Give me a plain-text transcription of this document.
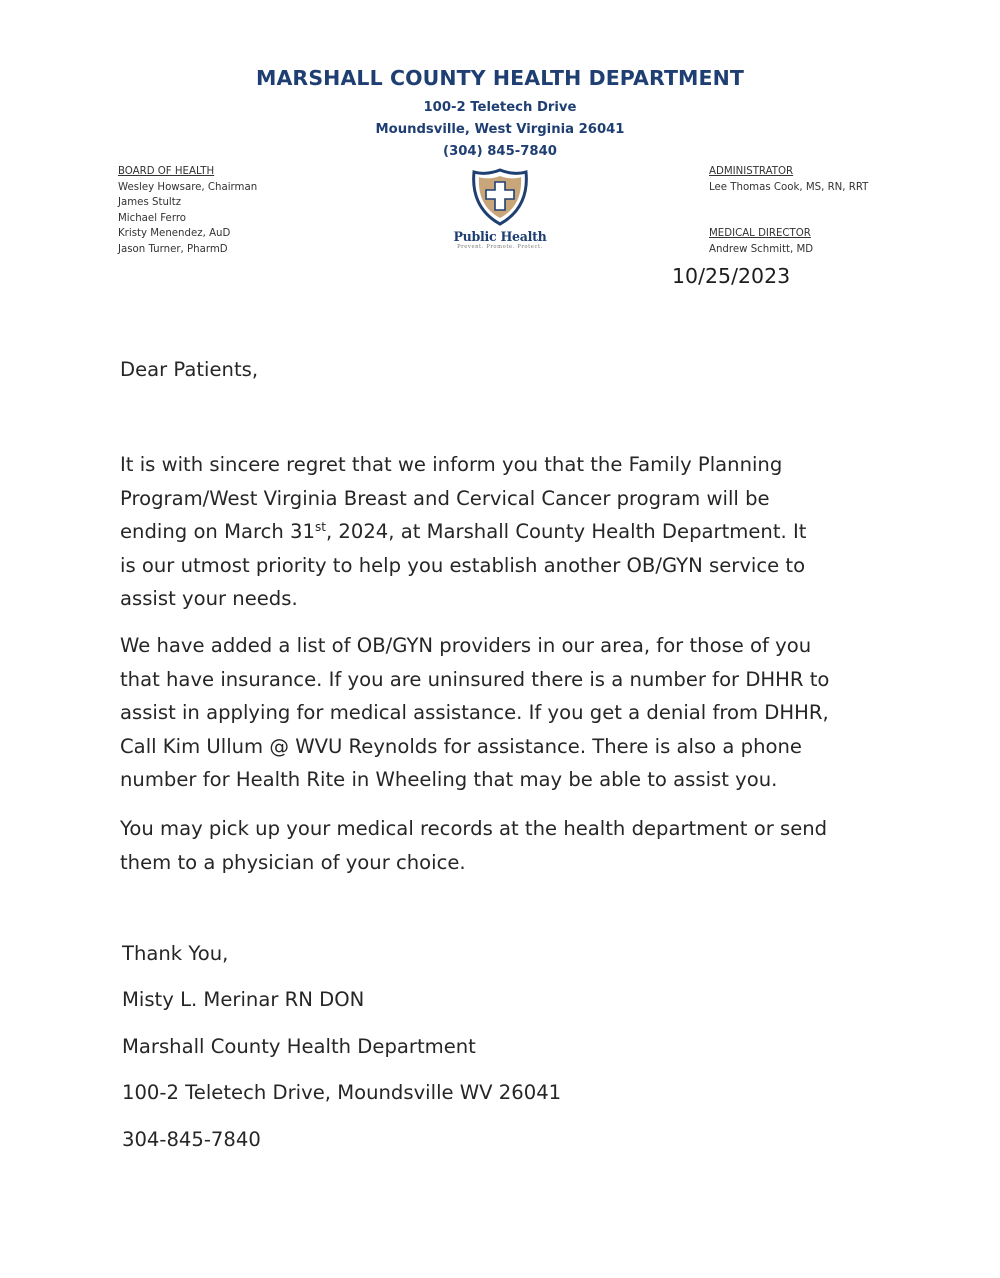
MARSHALL COUNTY HEALTH DEPARTMENT
100-2 Teletech Drive
Moundsville, West Virginia 26041
(304) 845-7840
BOARD OF HEALTH
Wesley Howsare, Chairman
James Stultz
Michael Ferro
Kristy Menendez, AuD
Jason Turner, PharmD
Public Health
Prevent. Promote. Protect.
ADMINISTRATOR
Lee Thomas Cook, MS, RN, RRT
MEDICAL DIRECTOR
Andrew Schmitt, MD
10/25/2023
Dear Patients,

It is with sincere regret that we inform you that the Family Planning
Program/West Virginia Breast and Cervical Cancer program will be
ending on March 31st, 2024, at Marshall County Health Department. It
is our utmost priority to help you establish another OB/GYN service to
assist your needs.

We have added a list of OB/GYN providers in our area, for those of you
that have insurance. If you are uninsured there is a number for DHHR to
assist in applying for medical assistance. If you get a denial from DHHR,
Call Kim Ullum @ WVU Reynolds for assistance. There is also a phone
number for Health Rite in Wheeling that may be able to assist you.

You may pick up your medical records at the health department or send
them to a physician of your choice.

Thank You,
Misty L. Merinar RN DON
Marshall County Health Department
100-2 Teletech Drive, Moundsville WV 26041
304-845-7840
